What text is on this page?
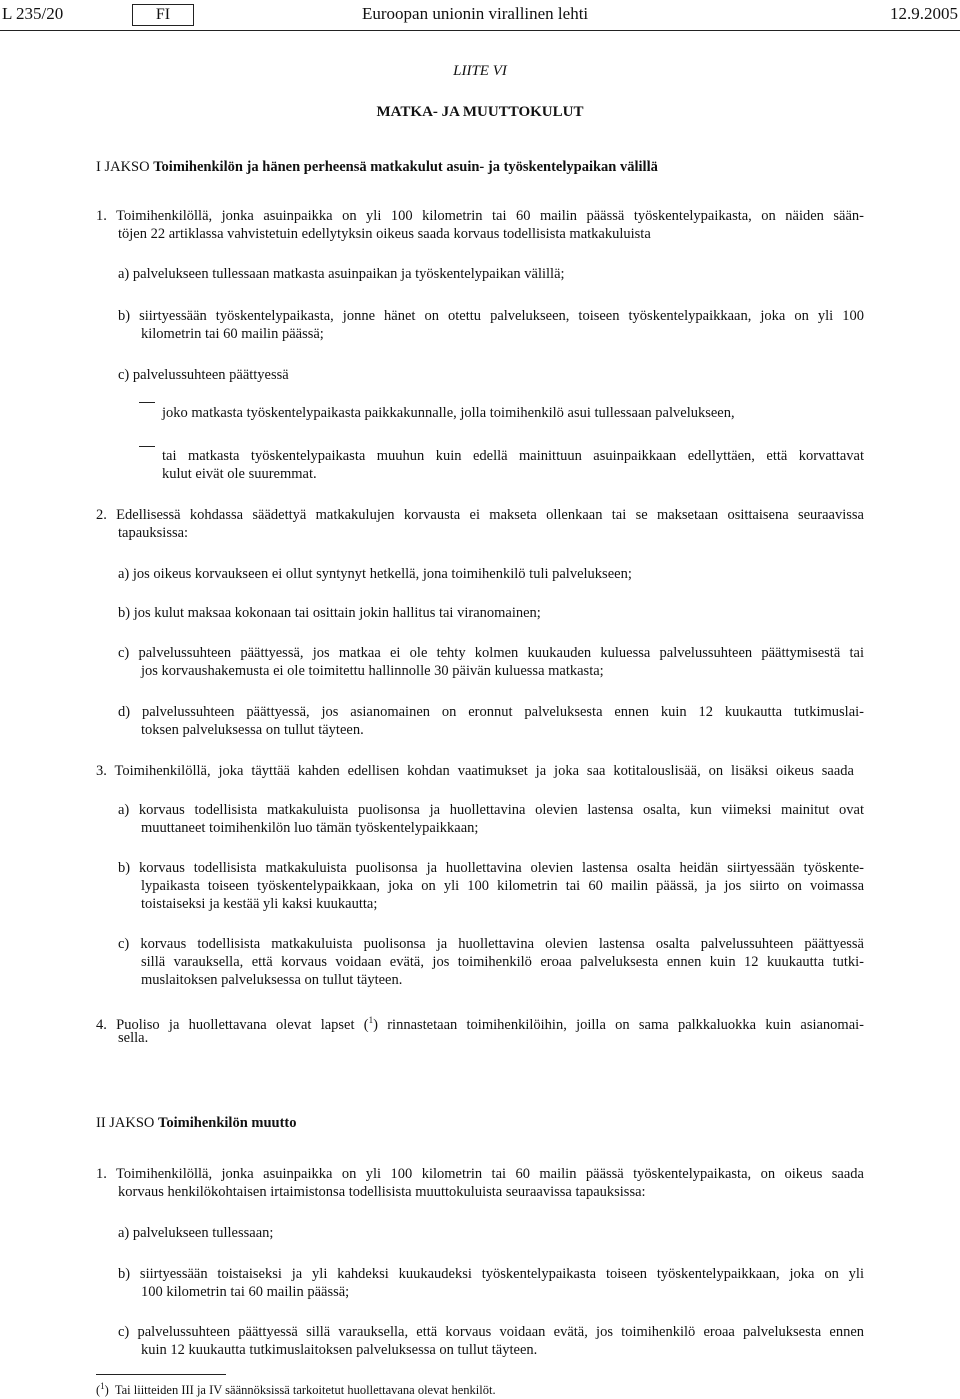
L 235/20	FI	Euroopan unionin virallinen lehti	12.9.2005
LIITE VI
MATKA- JA MUUTTOKULUT
I JAKSO Toimihenkilön ja hänen perheensä matkakulut asuin- ja työskentelypaikan välillä
1. Toimihenkilöllä, jonka asuinpaikka on yli 100 kilometrin tai 60 mailin päässä työskentelypaikasta, on näiden sään-
töjen 22 artiklassa vahvistetuin edellytyksin oikeus saada korvaus todellisista matkakuluista
a) palvelukseen tullessaan matkasta asuinpaikan ja työskentelypaikan välillä;
b) siirtyessään työskentelypaikasta, jonne hänet on otettu palvelukseen, toiseen työskentelypaikkaan, joka on yli 100
kilometrin tai 60 mailin päässä;
c) palvelussuhteen päättyessä
joko matkasta työskentelypaikasta paikkakunnalle, jolla toimihenkilö asui tullessaan palvelukseen,
tai matkasta työskentelypaikasta muuhun kuin edellä mainittuun asuinpaikkaan edellyttäen, että korvattavat
kulut eivät ole suuremmat.
2. Edellisessä kohdassa säädettyä matkakulujen korvausta ei makseta ollenkaan tai se maksetaan osittaisena seuraavissa
tapauksissa:
a) jos oikeus korvaukseen ei ollut syntynyt hetkellä, jona toimihenkilö tuli palvelukseen;
b) jos kulut maksaa kokonaan tai osittain jokin hallitus tai viranomainen;
c) palvelussuhteen päättyessä, jos matkaa ei ole tehty kolmen kuukauden kuluessa palvelussuhteen päättymisestä tai
jos korvaushakemusta ei ole toimitettu hallinnolle 30 päivän kuluessa matkasta;
d) palvelussuhteen päättyessä, jos asianomainen on eronnut palveluksesta ennen kuin 12 kuukautta tutkimuslai-
toksen palveluksessa on tullut täyteen.
3. Toimihenkilöllä, joka täyttää kahden edellisen kohdan vaatimukset ja joka saa kotitalouslisää, on lisäksi oikeus saada
a) korvaus todellisista matkakuluista puolisonsa ja huollettavina olevien lastensa osalta, kun viimeksi mainitut ovat
muuttaneet toimihenkilön luo tämän työskentelypaikkaan;
b) korvaus todellisista matkakuluista puolisonsa ja huollettavina olevien lastensa osalta heidän siirtyessään työskente-
lypaikasta toiseen työskentelypaikkaan, joka on yli 100 kilometrin tai 60 mailin päässä, ja jos siirto on voimassa
toistaiseksi ja kestää yli kaksi kuukautta;
c) korvaus todellisista matkakuluista puolisonsa ja huollettavina olevien lastensa osalta palvelussuhteen päättyessä
sillä varauksella, että korvaus voidaan evätä, jos toimihenkilö eroaa palveluksesta ennen kuin 12 kuukautta tutki-
muslaitoksen palveluksessa on tullut täyteen.
4. Puoliso ja huollettavana olevat lapset ($^1$) rinnastetaan toimihenkilöihin, joilla on sama palkkaluokka kuin asianomai-
sella.
II JAKSO Toimihenkilön muutto
1. Toimihenkilöllä, jonka asuinpaikka on yli 100 kilometrin tai 60 mailin päässä työskentelypaikasta, on oikeus saada
korvaus henkilökohtaisen irtaimistonsa todellisista muuttokuluista seuraavissa tapauksissa:
a) palvelukseen tullessaan;
b) siirtyessään toistaiseksi ja yli kahdeksi kuukaudeksi työskentelypaikasta toiseen työskentelypaikkaan, joka on yli
100 kilometrin tai 60 mailin päässä;
c) palvelussuhteen päättyessä sillä varauksella, että korvaus voidaan evätä, jos toimihenkilö eroaa palveluksesta ennen
kuin 12 kuukautta tutkimuslaitoksen palveluksessa on tullut täyteen.
($^1$)  Tai liitteiden III ja IV säännöksissä tarkoitetut huollettavana olevat henkilöt.
